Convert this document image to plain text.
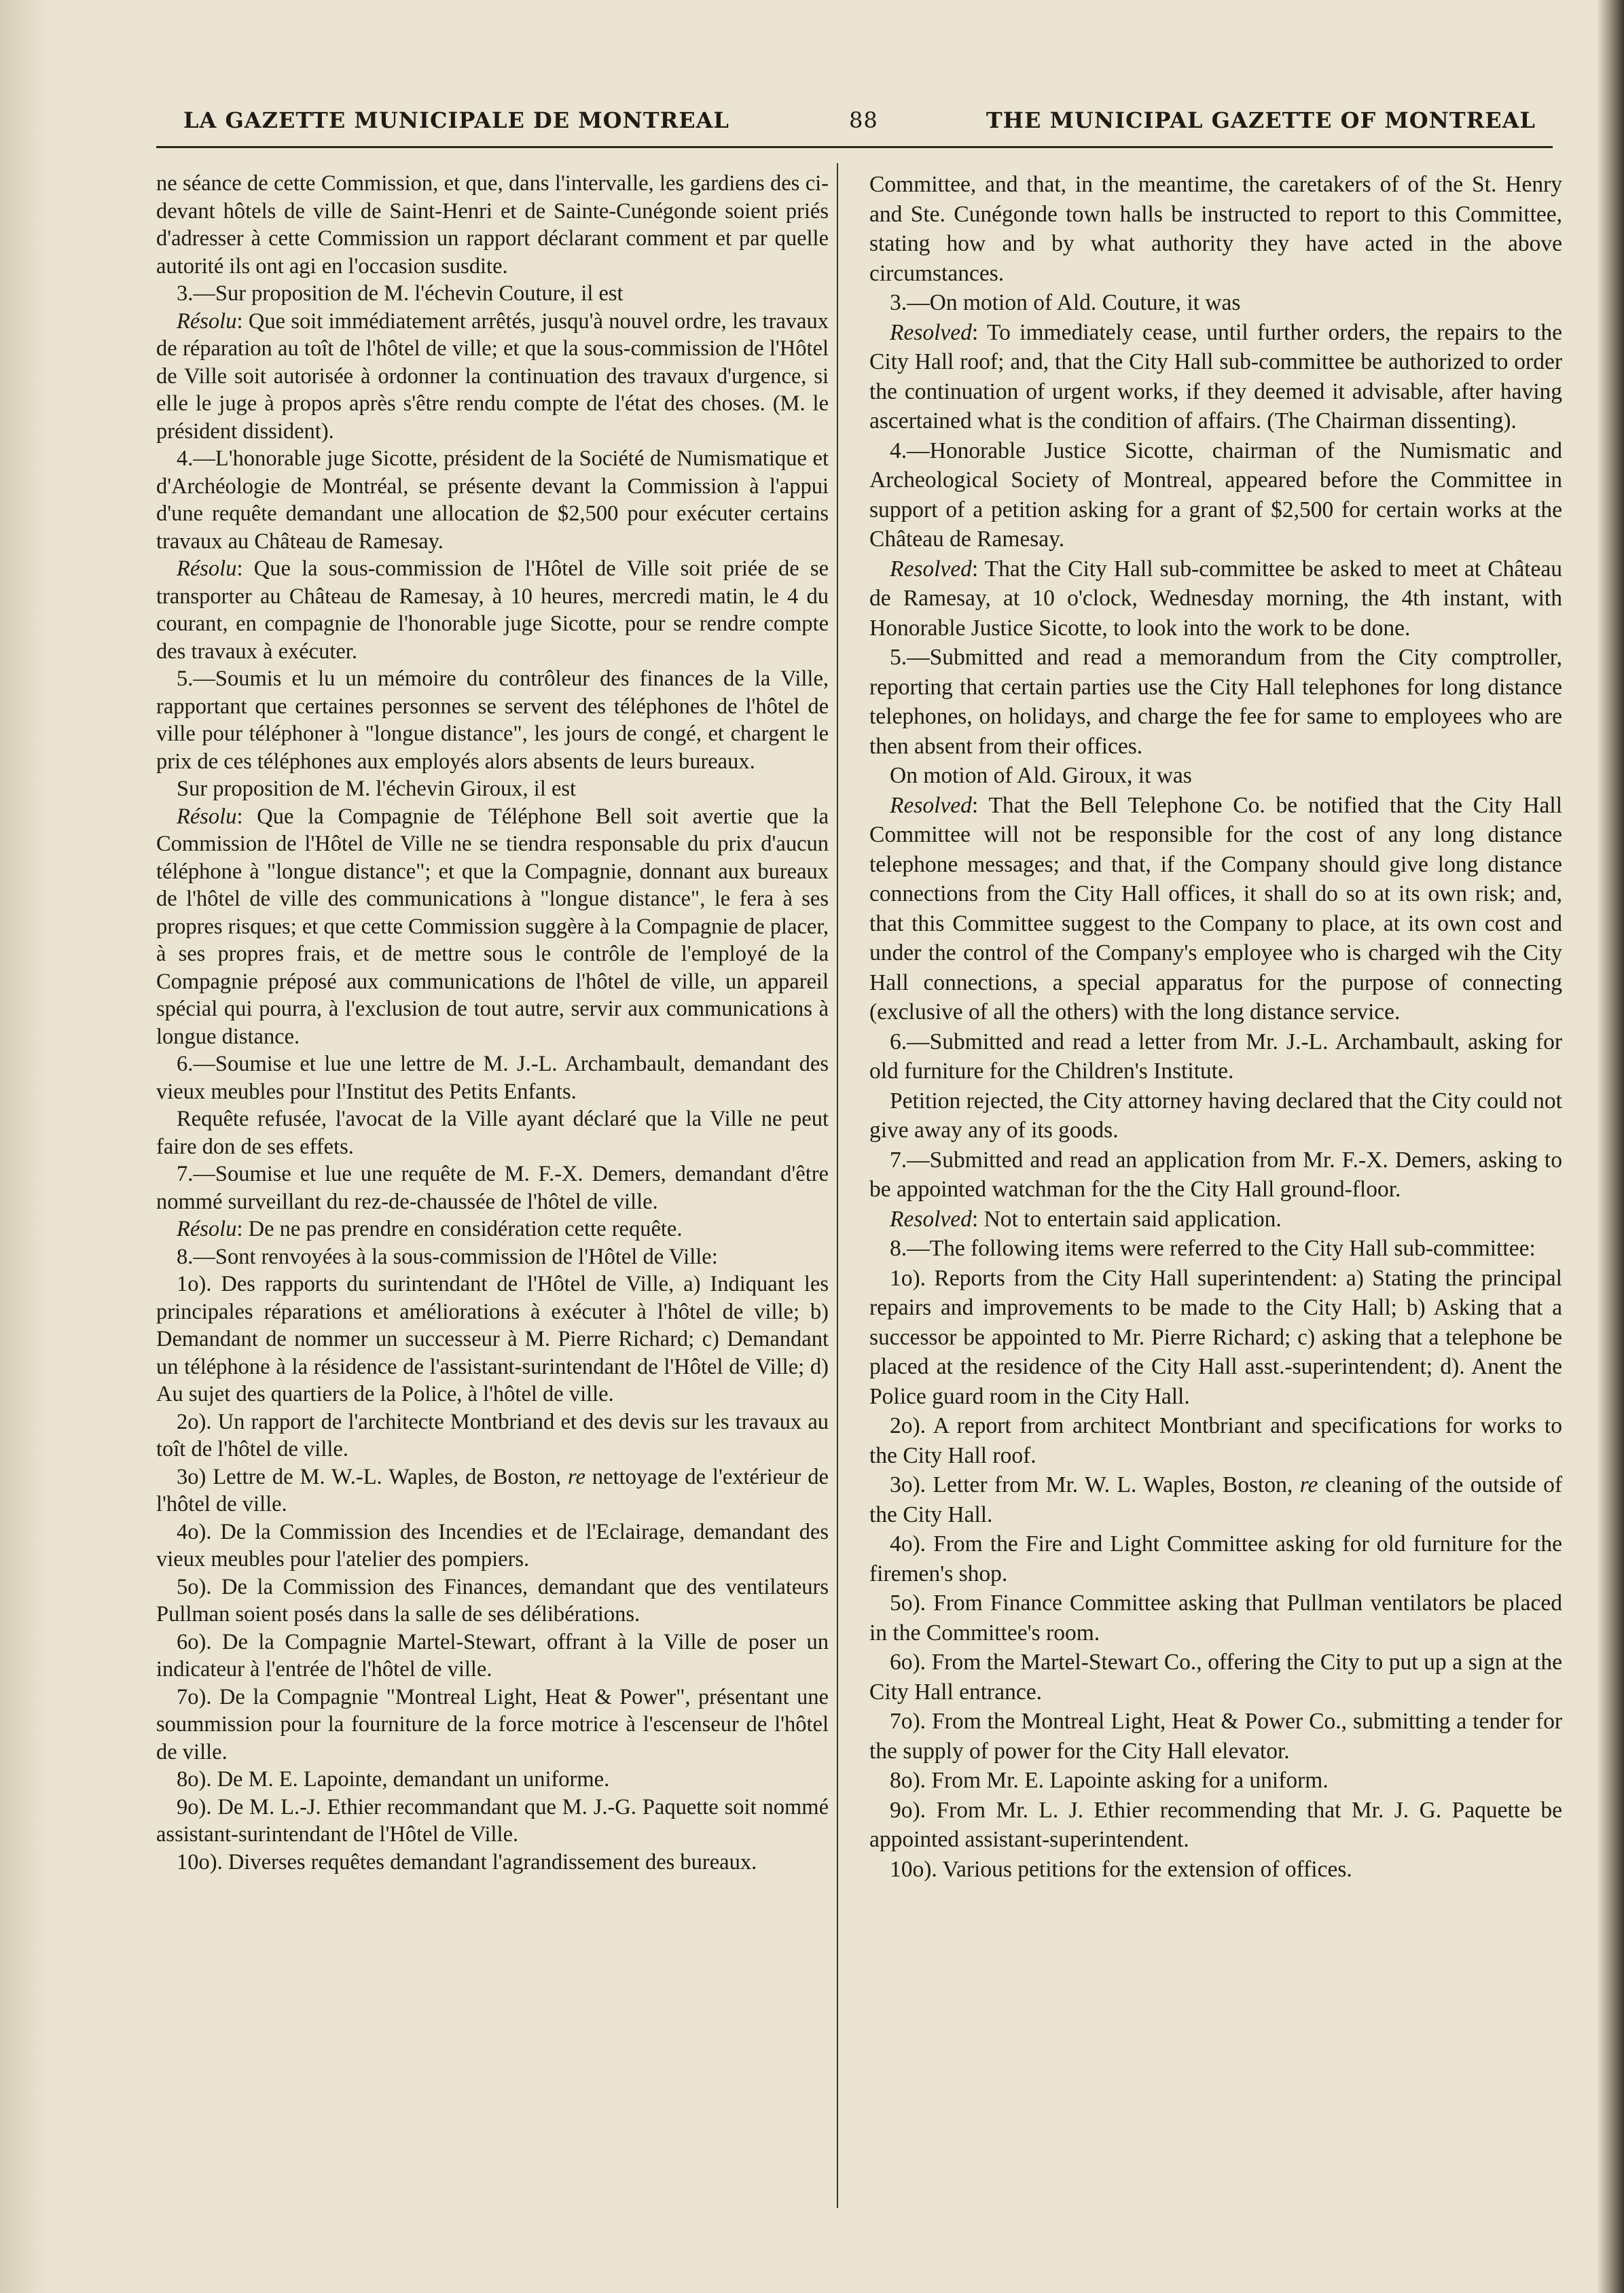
LA GAZETTE MUNICIPALE DE MONTREAL	88	THE MUNICIPAL GAZETTE OF MONTREAL

ne séance de cette Commission, et que, dans l'intervalle, les gardiens des ci-devant hôtels de ville de Saint-Henri et de Sainte-Cunégonde soient priés d'adresser à cette Commission un rapport déclarant comment et par quelle autorité ils ont agi en l'occasion susdite.

3.—Sur proposition de M. l'échevin Couture, il est

Résolu: Que soit immédiatement arrêtés, jusqu'à nouvel ordre, les travaux de réparation au toît de l'hôtel de ville; et que la sous-commission de l'Hôtel de Ville soit autorisée à ordonner la continuation des travaux d'urgence, si elle le juge à propos après s'être rendu compte de l'état des choses. (M. le président dissident).

4.—L'honorable juge Sicotte, président de la Société de Numismatique et d'Archéologie de Montréal, se présente devant la Commission à l'appui d'une requête demandant une allocation de $2,500 pour exécuter certains travaux au Château de Ramesay.

Résolu: Que la sous-commission de l'Hôtel de Ville soit priée de se transporter au Château de Ramesay, à 10 heures, mercredi matin, le 4 du courant, en compagnie de l'honorable juge Sicotte, pour se rendre compte des travaux à exécuter.

5.—Soumis et lu un mémoire du contrôleur des finances de la Ville, rapportant que certaines personnes se servent des téléphones de l'hôtel de ville pour téléphoner à "longue distance", les jours de congé, et chargent le prix de ces téléphones aux employés alors absents de leurs bureaux.

Sur proposition de M. l'échevin Giroux, il est

Résolu: Que la Compagnie de Téléphone Bell soit avertie que la Commission de l'Hôtel de Ville ne se tiendra responsable du prix d'aucun téléphone à "longue distance"; et que la Compagnie, donnant aux bureaux de l'hôtel de ville des communications à "longue distance", le fera à ses propres risques; et que cette Commission suggère à la Compagnie de placer, à ses propres frais, et de mettre sous le contrôle de l'employé de la Compagnie préposé aux communications de l'hôtel de ville, un appareil spécial qui pourra, à l'exclusion de tout autre, servir aux communications à longue distance.

6.—Soumise et lue une lettre de M. J.-L. Archambault, demandant des vieux meubles pour l'Institut des Petits Enfants.

Requête refusée, l'avocat de la Ville ayant déclaré que la Ville ne peut faire don de ses effets.

7.—Soumise et lue une requête de M. F.-X. Demers, demandant d'être nommé surveillant du rez-de-chaussée de l'hôtel de ville.

Résolu: De ne pas prendre en considération cette requête.

8.—Sont renvoyées à la sous-commission de l'Hôtel de Ville:

1o). Des rapports du surintendant de l'Hôtel de Ville, a) Indiquant les principales réparations et améliorations à exécuter à l'hôtel de ville; b) Demandant de nommer un successeur à M. Pierre Richard; c) Demandant un téléphone à la résidence de l'assistant-surintendant de l'Hôtel de Ville; d) Au sujet des quartiers de la Police, à l'hôtel de ville.

2o). Un rapport de l'architecte Montbriand et des devis sur les travaux au toît de l'hôtel de ville.

3o) Lettre de M. W.-L. Waples, de Boston, re nettoyage de l'extérieur de l'hôtel de ville.

4o). De la Commission des Incendies et de l'Eclairage, demandant des vieux meubles pour l'atelier des pompiers.

5o). De la Commission des Finances, demandant que des ventilateurs Pullman soient posés dans la salle de ses délibérations.

6o). De la Compagnie Martel-Stewart, offrant à la Ville de poser un indicateur à l'entrée de l'hôtel de ville.

7o). De la Compagnie "Montreal Light, Heat & Power", présentant une soummission pour la fourniture de la force motrice à l'escenseur de l'hôtel de ville.

8o). De M. E. Lapointe, demandant un uniforme.

9o). De M. L.-J. Ethier recommandant que M. J.-G. Paquette soit nommé assistant-surintendant de l'Hôtel de Ville.

10o). Diverses requêtes demandant l'agrandissement des bureaux.

Committee, and that, in the meantime, the caretakers of of the St. Henry and Ste. Cunégonde town halls be instructed to report to this Committee, stating how and by what authority they have acted in the above circumstances.

3.—On motion of Ald. Couture, it was

Resolved: To immediately cease, until further orders, the repairs to the City Hall roof; and, that the City Hall sub-committee be authorized to order the continuation of urgent works, if they deemed it advisable, after having ascertained what is the condition of affairs. (The Chairman dissenting).

4.—Honorable Justice Sicotte, chairman of the Numismatic and Archeological Society of Montreal, appeared before the Committee in support of a petition asking for a grant of $2,500 for certain works at the Château de Ramesay.

Resolved: That the City Hall sub-committee be asked to meet at Château de Ramesay, at 10 o'clock, Wednesday morning, the 4th instant, with Honorable Justice Sicotte, to look into the work to be done.

5.—Submitted and read a memorandum from the City comptroller, reporting that certain parties use the City Hall telephones for long distance telephones, on holidays, and charge the fee for same to employees who are then absent from their offices.

On motion of Ald. Giroux, it was

Resolved: That the Bell Telephone Co. be notified that the City Hall Committee will not be responsible for the cost of any long distance telephone messages; and that, if the Company should give long distance connections from the City Hall offices, it shall do so at its own risk; and, that this Committee suggest to the Company to place, at its own cost and under the control of the Company's employee who is charged wih the City Hall connections, a special apparatus for the purpose of connecting (exclusive of all the others) with the long distance service.

6.—Submitted and read a letter from Mr. J.-L. Archambault, asking for old furniture for the Children's Institute.

Petition rejected, the City attorney having declared that the City could not give away any of its goods.

7.—Submitted and read an application from Mr. F.-X. Demers, asking to be appointed watchman for the the City Hall ground-floor.

Resolved: Not to entertain said application.

8.—The following items were referred to the City Hall sub-committee:

1o). Reports from the City Hall superintendent: a) Stating the principal repairs and improvements to be made to the City Hall; b) Asking that a successor be appointed to Mr. Pierre Richard; c) asking that a telephone be placed at the residence of the City Hall asst.-superintendent; d). Anent the Police guard room in the City Hall.

2o). A report from architect Montbriant and specifications for works to the City Hall roof.

3o). Letter from Mr. W. L. Waples, Boston, re cleaning of the outside of the City Hall.

4o). From the Fire and Light Committee asking for old furniture for the firemen's shop.

5o). From Finance Committee asking that Pullman ventilators be placed in the Committee's room.

6o). From the Martel-Stewart Co., offering the City to put up a sign at the City Hall entrance.

7o). From the Montreal Light, Heat & Power Co., submitting a tender for the supply of power for the City Hall elevator.

8o). From Mr. E. Lapointe asking for a uniform.

9o). From Mr. L. J. Ethier recommending that Mr. J. G. Paquette be appointed assistant-superintendent.

10o). Various petitions for the extension of offices.
